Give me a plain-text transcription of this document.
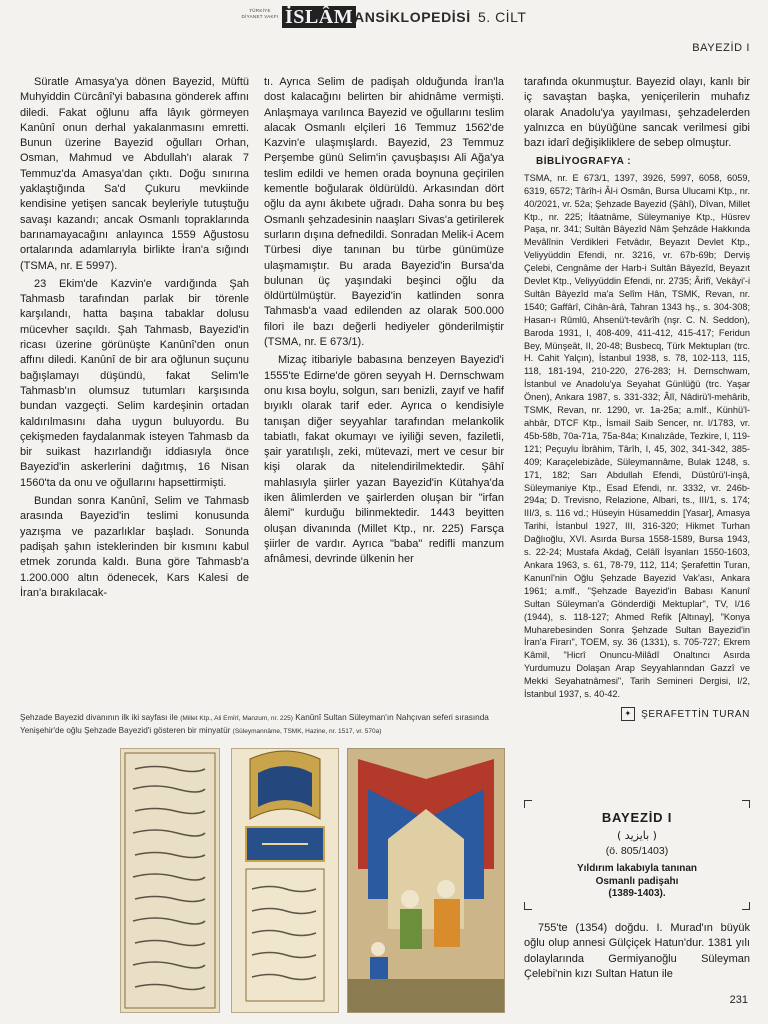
TÜRKİYE DİYANET VAKFI İSLÂM ANSİKLOPEDİSİ 5. CİLT
BAYEZİD I

Süratle Amasya'ya dönen Bayezid, Müftü Muhyiddin Cürcânî'yi babasına gönderek affını diledi. Fakat oğlunu affa lâyık görmeyen Kanûnî onun derhal yakalanmasını emretti. Bunun üzerine Bayezid oğulları Orhan, Osman, Mahmud ve Abdullah'ı alarak 7 Temmuz'da Amasya'dan çıktı. Doğu sınırına yaklaştığında Sa'd Çukuru mevkiinde kendisine yetişen sancak beyleriyle tutuştuğu savaşı kazandı; ancak Osmanlı topraklarında barınamayacağını anlayınca 1559 Ağustosu ortalarında adamlarıyla birlikte İran'a sığındı (TSMA, nr. E 5997).

23 Ekim'de Kazvin'e vardığında Şah Tahmasb tarafından parlak bir törenle karşılandı, hatta başına tabaklar dolusu mücevher saçıldı. Şah Tahmasb, Bayezid'in ricası üzerine görünüşte Kanûnî'den onun affını diledi. Kanûnî de bir ara oğlunun suçunu bağışlamayı düşündü, fakat Selim'le Tahmasb'ın olumsuz tutumları karşısında bundan vazgeçti. Selim kardeşinin ortadan kaldırılmasını daha uygun buluyordu. Bu çekişmeden faydalanmak isteyen Tahmasb da bir suikast hazırlandığı iddiasıyla önce Bayezid'in askerlerini dağıtmış, 16 Nisan 1560'ta da onu ve oğullarını hapsettirmişti.

Bundan sonra Kanûnî, Selim ve Tahmasb arasında Bayezid'in teslimi konusunda yazışma ve pazarlıklar başladı. Sonunda padişah şahın isteklerinden bir kısmını kabul etmek zorunda kaldı. Buna göre Tahmasb'a 1.200.000 altın ödenecek, Kars Kalesi de İran'a bırakılacak-

tı. Ayrıca Selim de padişah olduğunda İran'la dost kalacağını belirten bir ahidnâme vermişti. Anlaşmaya varılınca Bayezid ve oğullarını teslim alacak Osmanlı elçileri 16 Temmuz 1562'de Kazvin'e ulaşmışlardı. Bayezid, 23 Temmuz Perşembe günü Selim'in çavuşbaşısı Ali Ağa'ya teslim edildi ve hemen orada boynuna geçirilen kementle boğularak öldürüldü. Arkasından dört oğlu da aynı âkıbete uğradı. Daha sonra bu beş Osmanlı şehzadesinin naaşları Sivas'a getirilerek surların dışına defnedildi. Sonradan Melik-i Acem Türbesi diye tanınan bu türbe günümüze ulaşmamıştır. Bu arada Bayezid'in Bursa'da bulunan üç yaşındaki beşinci oğlu da öldürtülmüştür. Bayezid'in katlinden sonra Tahmasb'a vaad edilenden az olarak 500.000 filori ile bazı değerli hediyeler gönderilmiştir (TSMA, nr. E 673/1).

Mizaç itibariyle babasına benzeyen Bayezid'i 1555'te Edirne'de gören seyyah H. Dernschwam onu kısa boylu, solgun, sarı benizli, zayıf ve hafif bıyıklı olarak tarif eder. Ayrıca o kendisiyle tanışan diğer seyyahlar tarafından melankolik tabiatlı, fakat okumayı ve iyiliği seven, faziletli, şair yaratılışlı, zeki, mütevazi, mert ve cesur bir kişi olarak da nitelendirilmektedir. Şâhî mahlasıyla şiirler yazan Bayezid'in Kütahya'da iken âlimlerden ve şairlerden oluşan bir "irfan âlemi" kurduğu bilinmektedir. 1443 beyitten oluşan divanında (Millet Ktp., nr. 225) Farsça şiirler de vardır. Ayrıca "baba" redifli manzum afnâmesi, devrinde ülkenin her

tarafında okunmuştur. Bayezid olayı, kanlı bir iç savaştan başka, yeniçerilerin muhafız olarak Anadolu'ya yayılması, şehzadelerden yalnızca en büyüğüne sancak verilmesi gibi bazı idarî değişikliklere de sebep olmuştur.

BİBLİYOGRAFYA :
TSMA, nr. E 673/1, 1397, 3926, 5997, 6058, 6059, 6319, 6572; Târîh-i Âl-i Osmân, Bursa Ulucami Ktp., nr. 40/2021, vr. 52a; Şehzade Bayezid (Şâhî), Dîvan, Millet Ktp., nr. 225; İtâatnâme, Süleymaniye Ktp., Hüsrev Paşa, nr. 341; Sultân Bâyezîd Nâm Şehzâde Hakkında Mevâlînin Verdikleri Fetvâdır, Beyazıt Devlet Ktp., Veliyyüddin Efendi, nr. 3216, vr. 67b-69b; Derviş Çelebi, Cengnâme der Harb-i Sultân Bâyezîd, Beyazıt Devlet Ktp., Veliyyüddin Efendi, nr. 2735; Ârifî, Vekâyi'-i Sultân Bâyezîd ma'a Selîm Hân, TSMK, Revan, nr. 1540; Gaffârî, Cihân-ârâ, Tahran 1343 hş., s. 304-308; Hasan-ı Rûmlû, Ahsenü't-tevârîh (nşr. C. N. Seddon), Baroda 1931, I, 408-409, 411-412, 415-417; Feridun Bey, Münşeât, II, 20-48; Busbecq, Türk Mektupları (trc. H. Cahit Yalçın), İstanbul 1938, s. 78, 102-113, 115, 118, 181-194, 210-220, 276-283; H. Dernschwam, İstanbul ve Anadolu'ya Seyahat Günlüğü (trc. Yaşar Önen), Ankara 1987, s. 331-332; Âlî, Nâdirü'l-mehârib, TSMK, Revan, nr. 1290, vr. 1a-25a; a.mlf., Künhü'l-ahbâr, DTCF Ktp., İsmail Saib Sencer, nr. I/1783, vr. 45b-58b, 70a-71a, 75a-84a; Kınalızâde, Tezkire, I, 119-121; Peçuylu İbrâhim, Târîh, I, 45, 302, 341-342, 385-409; Karaçelebizâde, Süleymannâme, Bulak 1248, s. 171, 182; Sarı Abdullah Efendi, Düstûrü'l-inşâ, Süleymaniye Ktp., Esad Efendi, nr. 3332, vr. 246b-294a; D. Trevisno, Relazione, Albari, ts., III/1, s. 174; III/3, s. 116 vd.; Hüseyin Hüsameddin [Yasar], Amasya Tarihi, İstanbul 1927, III, 316-320; Hikmet Turhan Dağlıoğlu, XVI. Asırda Bursa 1558-1589, Bursa 1943, s. 22-24; Mustafa Akdağ, Celâlî İsyanları 1550-1603, Ankara 1963, s. 61, 78-79, 112, 114; Şerafettin Turan, Kanunî'nin Oğlu Şehzade Bayezid Vak'ası, Ankara 1961; a.mlf., "Şehzade Bayezid'in Babası Kanunî Sultan Süleyman'a Gönderdiği Mektuplar", TV, I/16 (1944), s. 118-127; Ahmed Refik [Altınay], "Konya Muharebesinden Sonra Şehzade Sultan Bayezid'in İran'a Firarı", TOEM, sy. 36 (1331), s. 705-727; Ekrem Kâmil, "Hicrî Onuncu-Milâdî Onaltıncı Asırda Yurdumuzu Dolaşan Arap Seyyahlarından Gazzî ve Mekki Seyahatnâmesi", Tarih Semineri Dergisi, I/2, İstanbul 1937, s. 40-42.
✦ ŞERAFETTİN TURAN
Şehzade Bayezid divanının ilk iki sayfası ile (Millet Ktp., Ali Emîrî, Manzum, nr. 225) Kanûnî Sultan Süleyman'ın Nahçıvan seferi sırasında Yenişehir'de oğlu Şehzade Bayezid'i gösteren bir minyatür (Süleymannâme, TSMK, Hazine, nr. 1517, vr. 570a)
BAYEZİD I
( بايزيد )
(ö. 805/1403)
Yıldırım lakabıyla tanınan
Osmanlı padişahı
(1389-1403).

755'te (1354) doğdu. I. Murad'ın büyük oğlu olup annesi Gülçiçek Hatun'dur. 1381 yılı dolaylarında Germiyanoğlu Süleyman Çelebi'nin kızı Sultan Hatun ile

231
